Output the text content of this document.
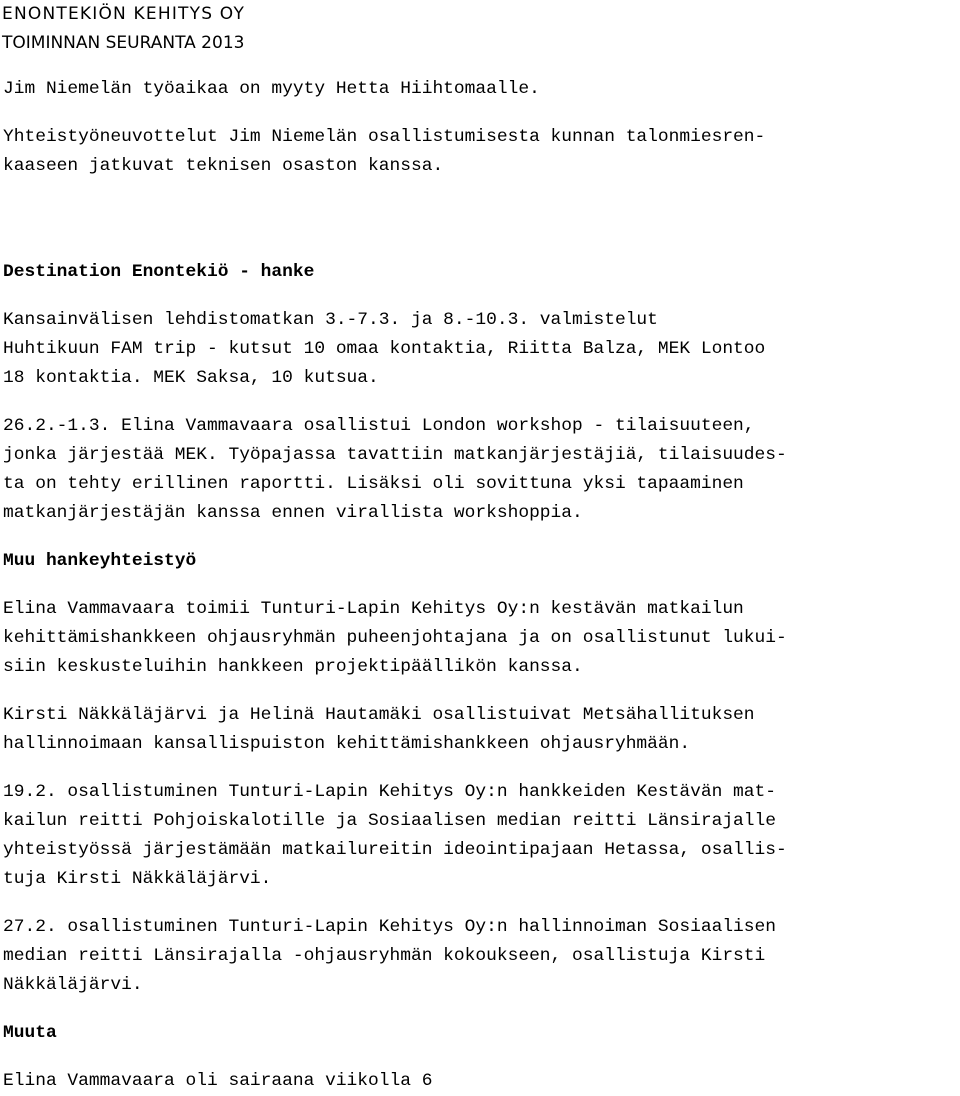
ENONTEKIÖN KEHITYS OY
TOIMINNAN SEURANTA 2013
Jim Niemelän työaikaa on myyty Hetta Hiihtomaalle.
Yhteistyöneuvottelut Jim Niemelän osallistumisesta kunnan talonmiesren-
kaaseen jatkuvat teknisen osaston kanssa.
Destination Enontekiö - hanke
Kansainvälisen lehdistomatkan 3.-7.3. ja 8.-10.3. valmistelut
Huhtikuun FAM trip - kutsut 10 omaa kontaktia, Riitta Balza, MEK Lontoo
18 kontaktia. MEK Saksa, 10 kutsua.
26.2.-1.3. Elina Vammavaara osallistui London workshop - tilaisuuteen,
jonka järjestää MEK. Työpajassa tavattiin matkanjärjestäjiä, tilaisuudes-
ta on tehty erillinen raportti. Lisäksi oli sovittuna yksi tapaaminen
matkanjärjestäjän kanssa ennen virallista workshoppia.
Muu hankeyhteistyö
Elina Vammavaara toimii Tunturi-Lapin Kehitys Oy:n kestävän matkailun
kehittämishankkeen ohjausryhmän puheenjohtajana ja on osallistunut lukui-
siin keskusteluihin hankkeen projektipäällikön kanssa.
Kirsti Näkkäläjärvi ja Helinä Hautamäki osallistuivat Metsähallituksen
hallinnoimaan kansallispuiston kehittämishankkeen ohjausryhmään.
19.2. osallistuminen Tunturi-Lapin Kehitys Oy:n hankkeiden Kestävän mat-
kailun reitti Pohjoiskalotille ja Sosiaalisen median reitti Länsirajalle
yhteistyössä järjestämään matkailureitin ideointipajaan Hetassa, osallis-
tuja Kirsti Näkkäläjärvi.
27.2. osallistuminen Tunturi-Lapin Kehitys Oy:n hallinnoiman Sosiaalisen
median reitti Länsirajalla -ohjausryhmän kokoukseen, osallistuja Kirsti
Näkkäläjärvi.
Muuta
Elina Vammavaara oli sairaana viikolla 6
